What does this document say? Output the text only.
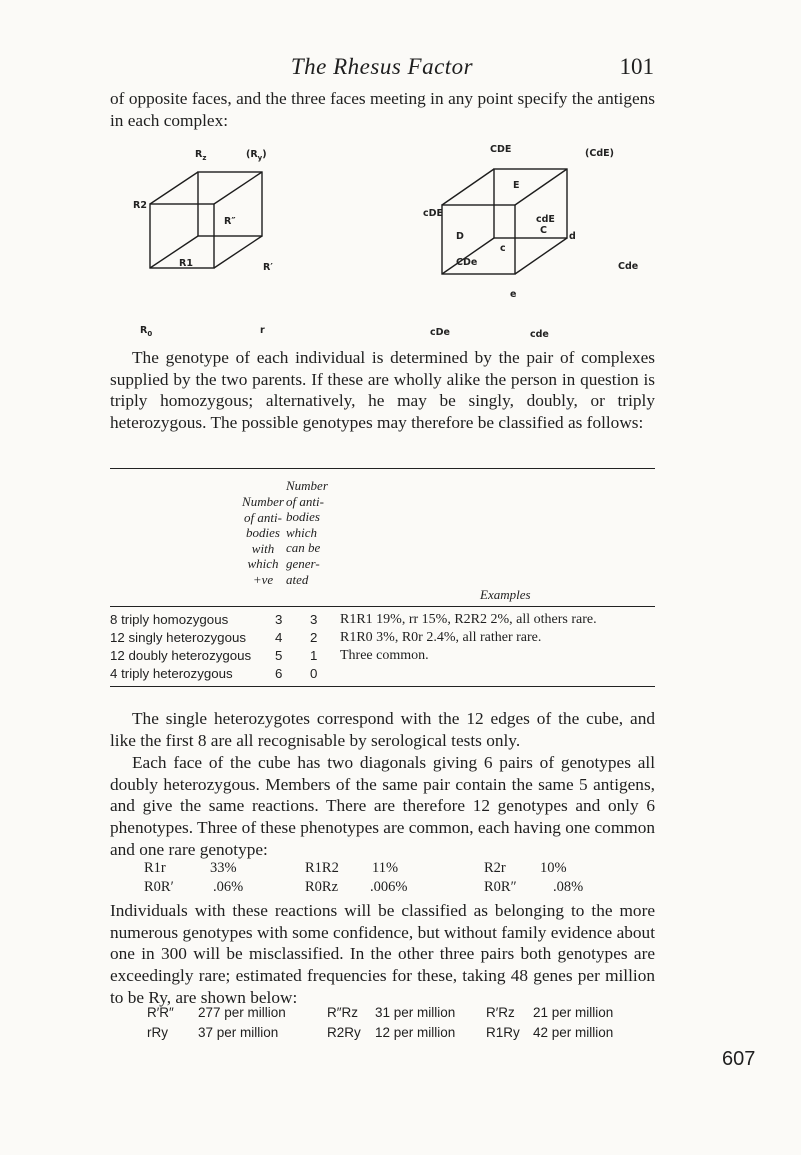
The Rhesus Factor	101

of opposite faces, and the three faces meeting in any point specify the antigens in each complex:

$R_z$	$(R_y)$
R2
R″
R1	R′
$R_0$	r
CDE	(CdE)
cDE
E
cdE
C
D
c
d
CDe	Cde
e
cDe	cde

The genotype of each individual is determined by the pair of complexes supplied by the two parents. If these are wholly alike the person in question is triply homozygous; alternatively, he may be singly, doubly, or triply heterozygous. The possible genotypes may therefore be classified as follows:

Number
of anti-
bodies
with
which
+ve
Number
of anti-
bodies
which
can be
gener-
ated
Examples
8 triply homozygous	3 3 R1R1 19%, rr 15%, R2R2 2%, all others rare.
12 singly heterozygous 4 2 R1R0 3%, R0r 2.4%, all rather rare.
12 doubly heterozygous 5 1 Three common.
4 triply heterozygous	6 0

The single heterozygotes correspond with the 12 edges of the cube, and like the first 8 are all recognisable by serological tests only.

Each face of the cube has two diagonals giving 6 pairs of genotypes all doubly heterozygous. Members of the same pair contain the same 5 antigens, and give the same reactions. There are therefore 12 genotypes and only 6 phenotypes. Three of these phenotypes are common, each having one common and one rare genotype:

R1r	33%	R1R2 11%	R2r 10%
R0R′	.06%	R0Rz .006%	R0R″	.08%

Individuals with these reactions will be classified as belonging to the more numerous genotypes with some confidence, but without family evidence about one in 300 will be misclassified. In the other three pairs both genotypes are exceedingly rare; estimated frequencies for these, taking 48 genes per million to be Ry, are shown below:

R′R″ 277 per million	R″Rz 31 per million R′Rz 21 per million
rRy 37 per million	R2Ry 12 per million R1Ry 42 per million
607
